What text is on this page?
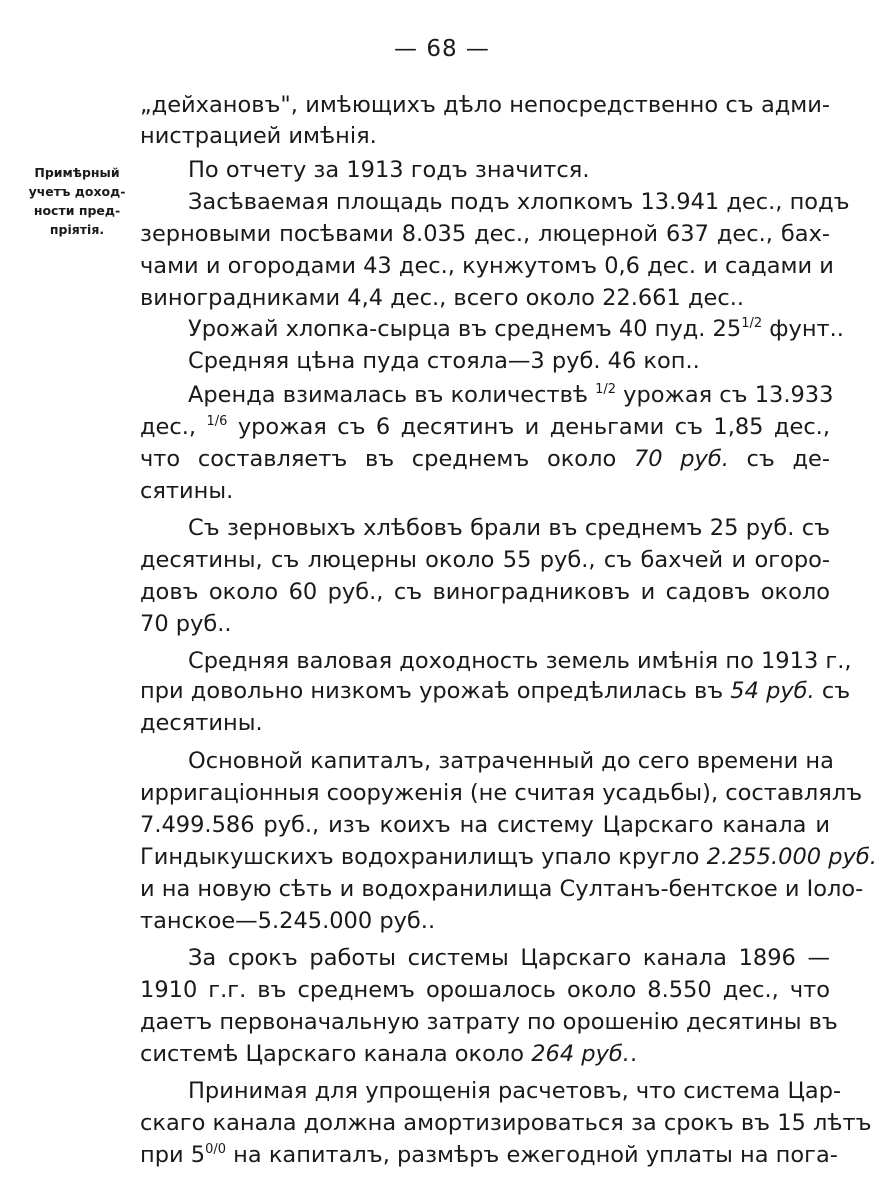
— 68 —
Примѣрный
учетъ доход-
ности пред-
пріятія.
„дейхановъ", имѣющихъ дѣло непосредственно съ адми-
нистрацией имѣнія.
По отчету за 1913 годъ значится.
Засѣваемая площадь подъ хлопкомъ 13.941 дес., подъ
зерновыми посѣвами 8.035 дес., люцерной 637 дес., бах-
чами и огородами 43 дес., кунжутомъ 0,6 дес. и садами и
виноградниками 4,4 дес., всего около 22.661 дес..
Урожай хлопка-сырца въ среднемъ 40 пуд. $25^{1/2}$ фунт..
Средняя цѣна пуда стояла—3 руб. 46 коп..
Аренда взималась въ количествѣ $^{1/2}$ урожая съ 13.933
дес., $^{1/6}$ урожая съ 6 десятинъ и деньгами съ 1,85 дес.,
что составляетъ въ среднемъ около 70 руб. съ де-
сятины.
Съ зерновыхъ хлѣбовъ брали въ среднемъ 25 руб. съ
десятины, съ люцерны около 55 руб., съ бахчей и огоро-
довъ около 60 руб., съ виноградниковъ и садовъ около
70 руб..
Средняя валовая доходность земель имѣнія по 1913 г.,
при довольно низкомъ урожаѣ опредѣлилась въ 54 руб. съ
десятины.
Основной капиталъ, затраченный до сего времени на
ирригаціонныя сооруженія (не считая усадьбы), составлялъ
7.499.586 руб., изъ коихъ на систему Царскаго канала и
Гиндыкушскихъ водохранилищъ упало кругло 2.255.000 руб.
и на новую сѣть и водохранилища Султанъ-бентское и Іоло-
танское—5.245.000 руб..
За срокъ работы системы Царскаго канала 1896 —
1910 г.г. въ среднемъ орошалось около 8.550 дес., что
даетъ первоначальную затрату по орошенію десятины въ
системѣ Царскаго канала около 264 руб..
Принимая для упрощенія расчетовъ, что система Цар-
скаго канала должна амортизироваться за срокъ въ 15 лѣтъ
при $5^{0/0}$ на капиталъ, размѣръ ежегодной уплаты на пога-
